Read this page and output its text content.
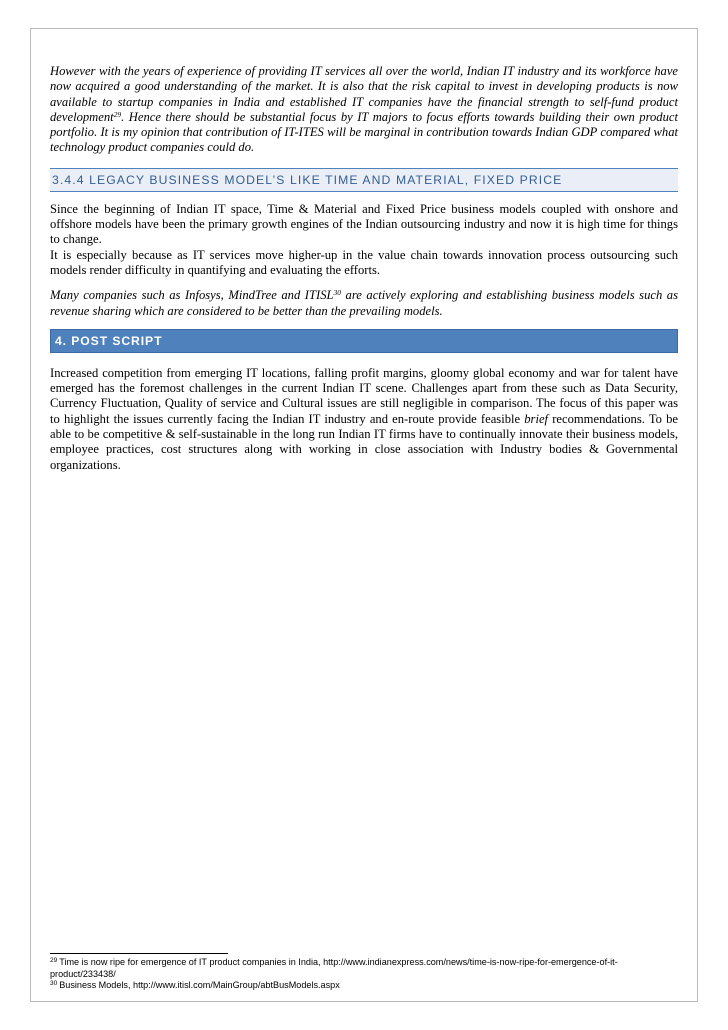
However with the years of experience of providing IT services all over the world, Indian IT industry and its workforce have now acquired a good understanding of the market. It is also that the risk capital to invest in developing products is now available to startup companies in India and established IT companies have the financial strength to self-fund product development$^{29}$. Hence there should be substantial focus by IT majors to focus efforts towards building their own product portfolio. It is my opinion that contribution of IT-ITES will be marginal in contribution towards Indian GDP compared what technology product companies could do.

3.4.4 LEGACY BUSINESS MODEL’S LIKE TIME AND MATERIAL, FIXED PRICE

Since the beginning of Indian IT space, Time & Material and Fixed Price business models coupled with onshore and offshore models have been the primary growth engines of the Indian outsourcing industry and now it is high time for things to change.

It is especially because as IT services move higher-up in the value chain towards innovation process outsourcing such models render difficulty in quantifying and evaluating the efforts.

Many companies such as Infosys, MindTree and ITISL$^{30}$ are actively exploring and establishing business models such as revenue sharing which are considered to be better than the prevailing models.

4. POST SCRIPT

Increased competition from emerging IT locations, falling profit margins, gloomy global economy and war for talent have emerged has the foremost challenges in the current Indian IT scene. Challenges apart from these such as Data Security, Currency Fluctuation, Quality of service and Cultural issues are still negligible in comparison. The focus of this paper was to highlight the issues currently facing the Indian IT industry and en-route provide feasible brief recommendations. To be able to be competitive & self-sustainable in the long run Indian IT firms have to continually innovate their business models, employee practices, cost structures along with working in close association with Industry bodies & Governmental organizations.

$^{29}$ Time is now ripe for emergence of IT product companies in India, http://www.indianexpress.com/news/time-is-now-ripe-for-emergence-of-it-product/233438/

$^{30}$ Business Models, http://www.itisl.com/MainGroup/abtBusModels.aspx
